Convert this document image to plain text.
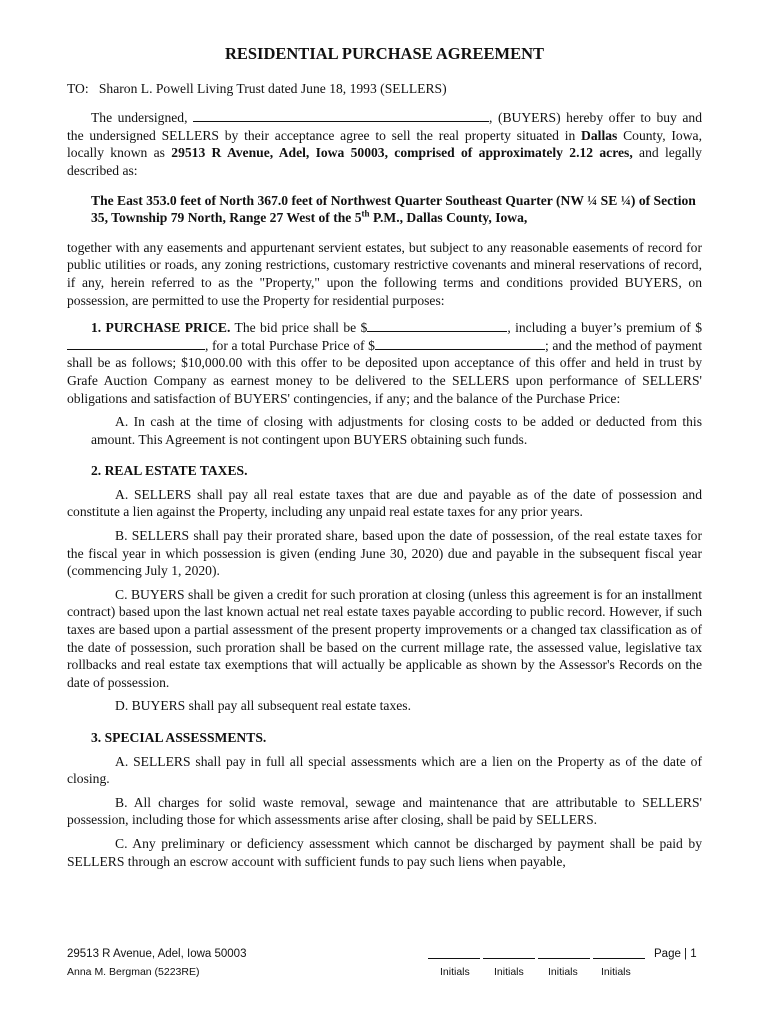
RESIDENTIAL PURCHASE AGREEMENT
TO: Sharon L. Powell Living Trust dated June 18, 1993 (SELLERS)

The undersigned,	, (BUYERS) hereby offer to buy and the undersigned SELLERS by their acceptance agree to sell the real property situated in Dallas County, Iowa, locally known as 29513 R Avenue, Adel, Iowa 50003, comprised of approximately 2.12 acres, and legally described as:

The East 353.0 feet of North 367.0 feet of Northwest Quarter Southeast Quarter (NW ¼ SE ¼) of Section 35, Township 79 North, Range 27 West of the 5th P.M., Dallas County, Iowa,

together with any easements and appurtenant servient estates, but subject to any reasonable easements of record for public utilities or roads, any zoning restrictions, customary restrictive covenants and mineral reservations of record, if any, herein referred to as the "Property," upon the following terms and conditions provided BUYERS, on possession, are permitted to use the Property for residential purposes:

1. PURCHASE PRICE. The bid price shall be $	, including a buyer’s premium of $, for a total Purchase Price of $	; and the method of payment shall be as follows; $10,000.00 with this offer to be deposited upon acceptance of this offer and held in trust by Grafe Auction Company as earnest money to be delivered to the SELLERS upon performance of SELLERS' obligations and satisfaction of BUYERS' contingencies, if any; and the balance of the Purchase Price:

A. In cash at the time of closing with adjustments for closing costs to be added or deducted from this amount. This Agreement is not contingent upon BUYERS obtaining such funds.

2. REAL ESTATE TAXES.

A. SELLERS shall pay all real estate taxes that are due and payable as of the date of possession and constitute a lien against the Property, including any unpaid real estate taxes for any prior years.

B. SELLERS shall pay their prorated share, based upon the date of possession, of the real estate taxes for the fiscal year in which possession is given (ending June 30, 2020) due and payable in the subsequent fiscal year (commencing July 1, 2020).

C. BUYERS shall be given a credit for such proration at closing (unless this agreement is for an installment contract) based upon the last known actual net real estate taxes payable according to public record. However, if such taxes are based upon a partial assessment of the present property improvements or a changed tax classification as of the date of possession, such proration shall be based on the current millage rate, the assessed value, legislative tax rollbacks and real estate tax exemptions that will actually be applicable as shown by the Assessor's Records on the date of possession.

D. BUYERS shall pay all subsequent real estate taxes.

3. SPECIAL ASSESSMENTS.

A. SELLERS shall pay in full all special assessments which are a lien on the Property as of the date of closing.

B. All charges for solid waste removal, sewage and maintenance that are attributable to SELLERS' possession, including those for which assessments arise after closing, shall be paid by SELLERS.

C. Any preliminary or deficiency assessment which cannot be discharged by payment shall be paid by SELLERS through an escrow account with sufficient funds to pay such liens when payable,

29513 R Avenue, Adel, Iowa 50003
Anna M. Bergman (5223RE)
Page | 1
Initials Initials Initials Initials
